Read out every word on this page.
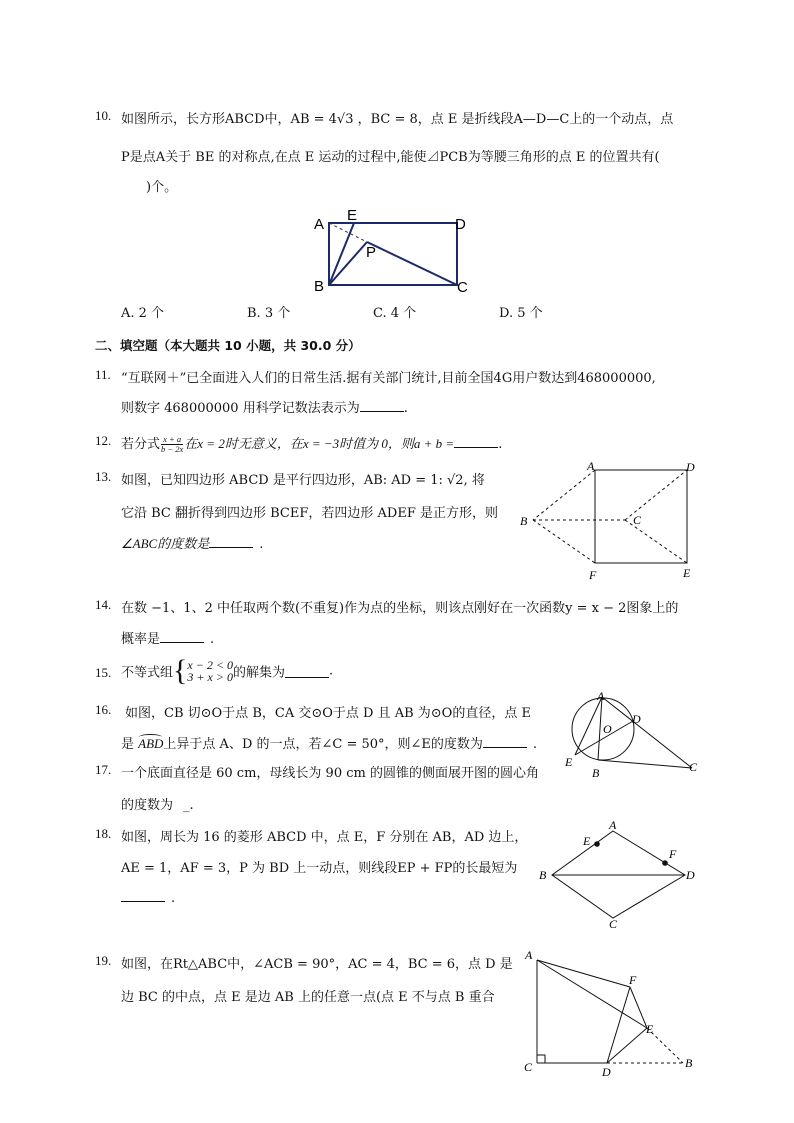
10. 如图所示，长方形ABCD中，AB = 4√3 ，BC = 8，点 E 是折线段A—D—C上的一个动点，点
P是点A关于 BE 的对称点,在点 E 运动的过程中,能使⊿PCB为等腰三角形的点 E 的位置共有(
)个。
A
E
D
P
B	C
A. 2 个	B. 3 个	C. 4 个	D. 5 个
二、填空题（本大题共 10 小题，共 30.0 分）
11. “互联网＋”已全面进入人们的日常生活.据有关部门统计,目前全国4G用户数达到468000000,
则数字 468000000 用科学记数法表示为	.
12. 若分式 $\frac{x + a}{b - 2x}$ 在x = 2时无意义，在x = −3时值为 0，则a + b =	.
13. 如图，已知四边形 ABCD 是平行四边形，AB: AD = 1: √2, 将
它沿 BC 翻折得到四边形 BCEF，若四边形 ADEF 是正方形，则
∠ABC的度数是	.
A	D
B	C
F	E
14. 在数 −1、1、2 中任取两个数(不重复)作为点的坐标，则该点刚好在一次函数y = x − 2图象上的
概率是	.
15. 不等式组{ x − 2 < 0
3 + x > 0 的解集为	.
16. 如图，CB 切⊙O于点 B，CA 交⊙O于点 D 且 AB 为⊙O的直径，点 E
是
ABD上异于点 A、D 的一点，若∠C = 50°，则∠E的度数为	.
A
D
O
E
B	C
17. 一个底面直径是 60 cm，母线长为 90 cm 的圆锥的侧面展开图的圆心角
的度数为 _.
18. 如图，周长为 16 的菱形 ABCD 中，点 E，F 分别在 AB，AD 边上，
AE = 1，AF = 3，P 为 BD 上一动点，则线段EP + FP的长最短为
.
A
E
F
B	D
C
19. 如图，在Rt△ABC中，∠ACB = 90°，AC = 4，BC = 6，点 D 是
边 BC 的中点，点 E 是边 AB 上的任意一点(点 E 不与点 B 重合
A
F
E
C	D
B
